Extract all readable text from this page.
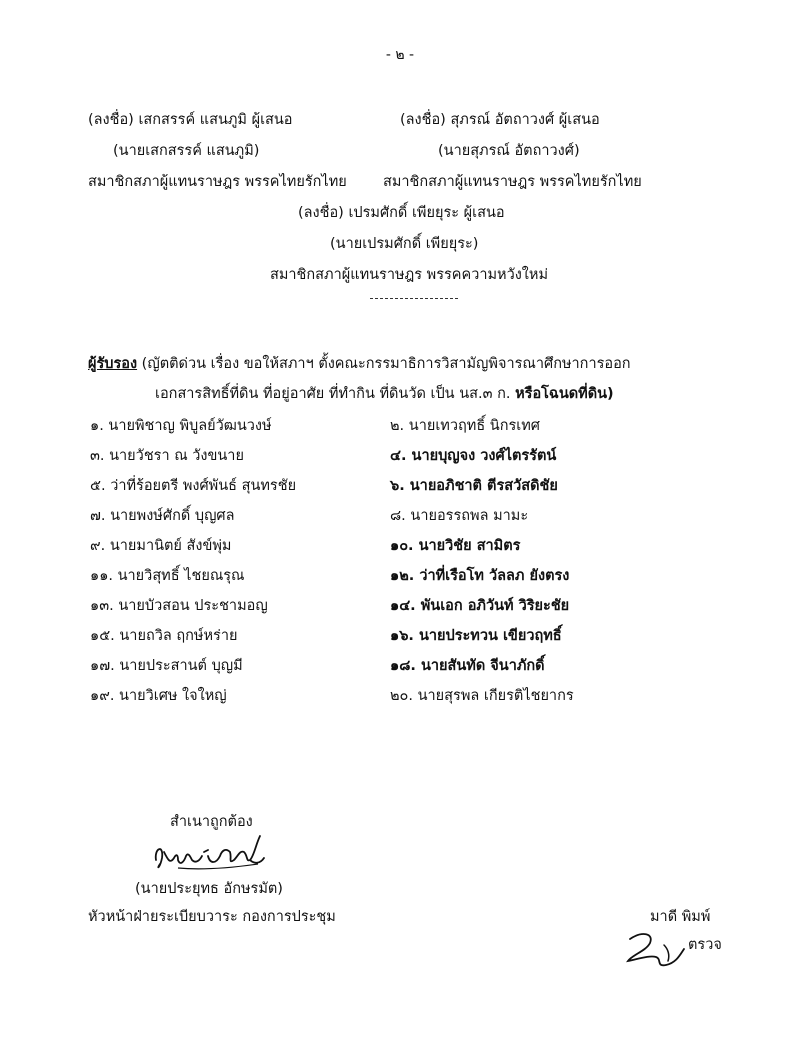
- ๒ -
(ลงชื่อ) เสกสรรค์ แสนภูมิ ผู้เสนอ
(นายเสกสรรค์ แสนภูมิ)
สมาชิกสภาผู้แทนราษฎร พรรคไทยรักไทย
(ลงชื่อ) สุภรณ์ อัตถาวงศ์ ผู้เสนอ
(นายสุภรณ์ อัตถาวงศ์)
สมาชิกสภาผู้แทนราษฎร พรรคไทยรักไทย
(ลงชื่อ) เปรมศักดิ์ เพียยุระ ผู้เสนอ
(นายเปรมศักดิ์ เพียยุระ)
สมาชิกสภาผู้แทนราษฎร พรรคความหวังใหม่
ผู้รับรอง (ญัตติด่วน เรื่อง ขอให้สภาฯ ตั้งคณะกรรมาธิการวิสามัญพิจารณาศึกษาการออก
เอกสารสิทธิ์ที่ดิน ที่อยู่อาศัย ที่ทำกิน ที่ดินวัด เป็น นส.๓ ก. หรือโฉนดที่ดิน)
๑. นายพิชาญ พิบูลย์วัฒนวงษ์	๒. นายเทวฤทธิ์ นิกรเทศ
๓. นายวัชรา ณ วังขนาย	๔. นายบุญจง วงศ์ไตรรัตน์
๕. ว่าที่ร้อยตรี พงศ์พันธ์ สุนทรชัย	๖. นายอภิชาติ ตีรสวัสดิชัย
๗. นายพงษ์ศักดิ์ บุญศล	๘. นายอรรถพล มามะ
๙. นายมานิตย์ สังข์พุ่ม	๑๐. นายวิชัย สามิตร
๑๑. นายวิสุทธิ์ ไชยณรุณ	๑๒. ว่าที่เรือโท วัลลภ ยังตรง
๑๓. นายบัวสอน ประชามอญ	๑๔. พันเอก อภิวันท์ วิริยะชัย
๑๕. นายถวิล ฤกษ์หร่าย	๑๖. นายประทวน เขียวฤทธิ์
๑๗. นายประสานต์ บุญมี	๑๘. นายสันทัด จีนาภักดิ์
๑๙. นายวิเศษ ใจใหญ่	๒๐. นายสุรพล เกียรติไชยากร
สำเนาถูกต้อง
(นายประยุทธ อักษรมัต)
หัวหน้าฝ่ายระเบียบวาระ กองการประชุม	มาดี พิมพ์
ตรวจ
